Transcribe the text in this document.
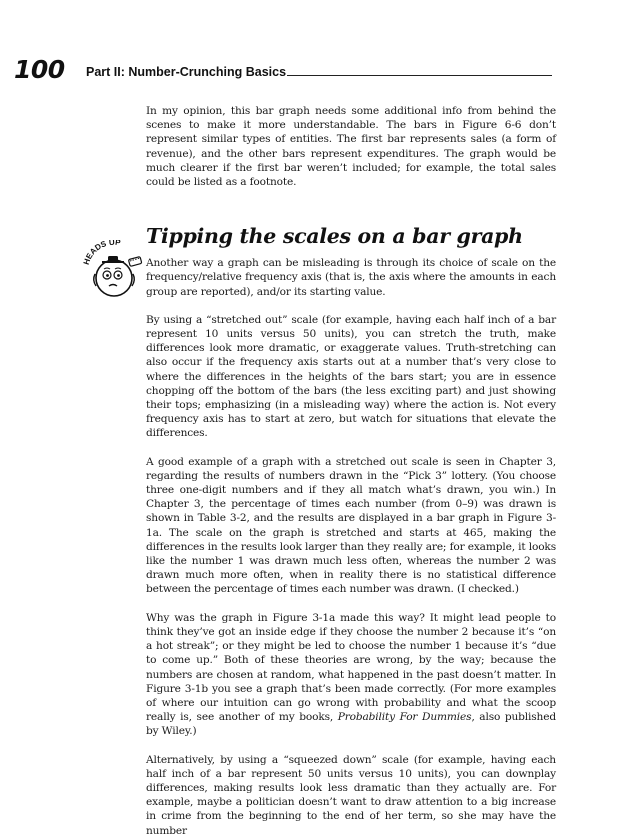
100 Part II: Number-Crunching Basics
HEADS UP

In my opinion, this bar graph needs some additional info from behind the scenes to make it more understandable. The bars in Figure 6-6 don’t represent similar types of entities. The first bar represents sales (a form of revenue), and the other bars represent expenditures. The graph would be much clearer if the first bar weren’t included; for example, the total sales could be listed as a footnote.

Tipping the scales on a bar graph

Another way a graph can be misleading is through its choice of scale on the frequency/relative frequency axis (that is, the axis where the amounts in each group are reported), and/or its starting value.

By using a “stretched out” scale (for example, having each half inch of a bar represent 10 units versus 50 units), you can stretch the truth, make differences look more dramatic, or exaggerate values. Truth-stretching can also occur if the frequency axis starts out at a number that’s very close to where the differences in the heights of the bars start; you are in essence chopping off the bottom of the bars (the less exciting part) and just showing their tops; emphasizing (in a misleading way) where the action is. Not every frequency axis has to start at zero, but watch for situations that elevate the differences.

A good example of a graph with a stretched out scale is seen in Chapter 3, regarding the results of numbers drawn in the “Pick 3” lottery. (You choose three one-digit numbers and if they all match what’s drawn, you win.) In Chapter 3, the percentage of times each number (from 0–9) was drawn is shown in Table 3-2, and the results are displayed in a bar graph in Figure 3-1a. The scale on the graph is stretched and starts at 465, making the differences in the results look larger than they really are; for example, it looks like the number 1 was drawn much less often, whereas the number 2 was drawn much more often, when in reality there is no statistical difference between the percentage of times each number was drawn. (I checked.)

Why was the graph in Figure 3-1a made this way? It might lead people to think they’ve got an inside edge if they choose the number 2 because it’s “on a hot streak”; or they might be led to choose the number 1 because it’s “due to come up.” Both of these theories are wrong, by the way; because the numbers are chosen at random, what happened in the past doesn’t matter. In Figure 3-1b you see a graph that’s been made correctly. (For more examples of where our intuition can go wrong with probability and what the scoop really is, see another of my books, Probability For Dummies, also published by Wiley.)

Alternatively, by using a “squeezed down” scale (for example, having each half inch of a bar represent 50 units versus 10 units), you can downplay differences, making results look less dramatic than they actually are. For example, maybe a politician doesn’t want to draw attention to a big increase in crime from the beginning to the end of her term, so she may have the number
